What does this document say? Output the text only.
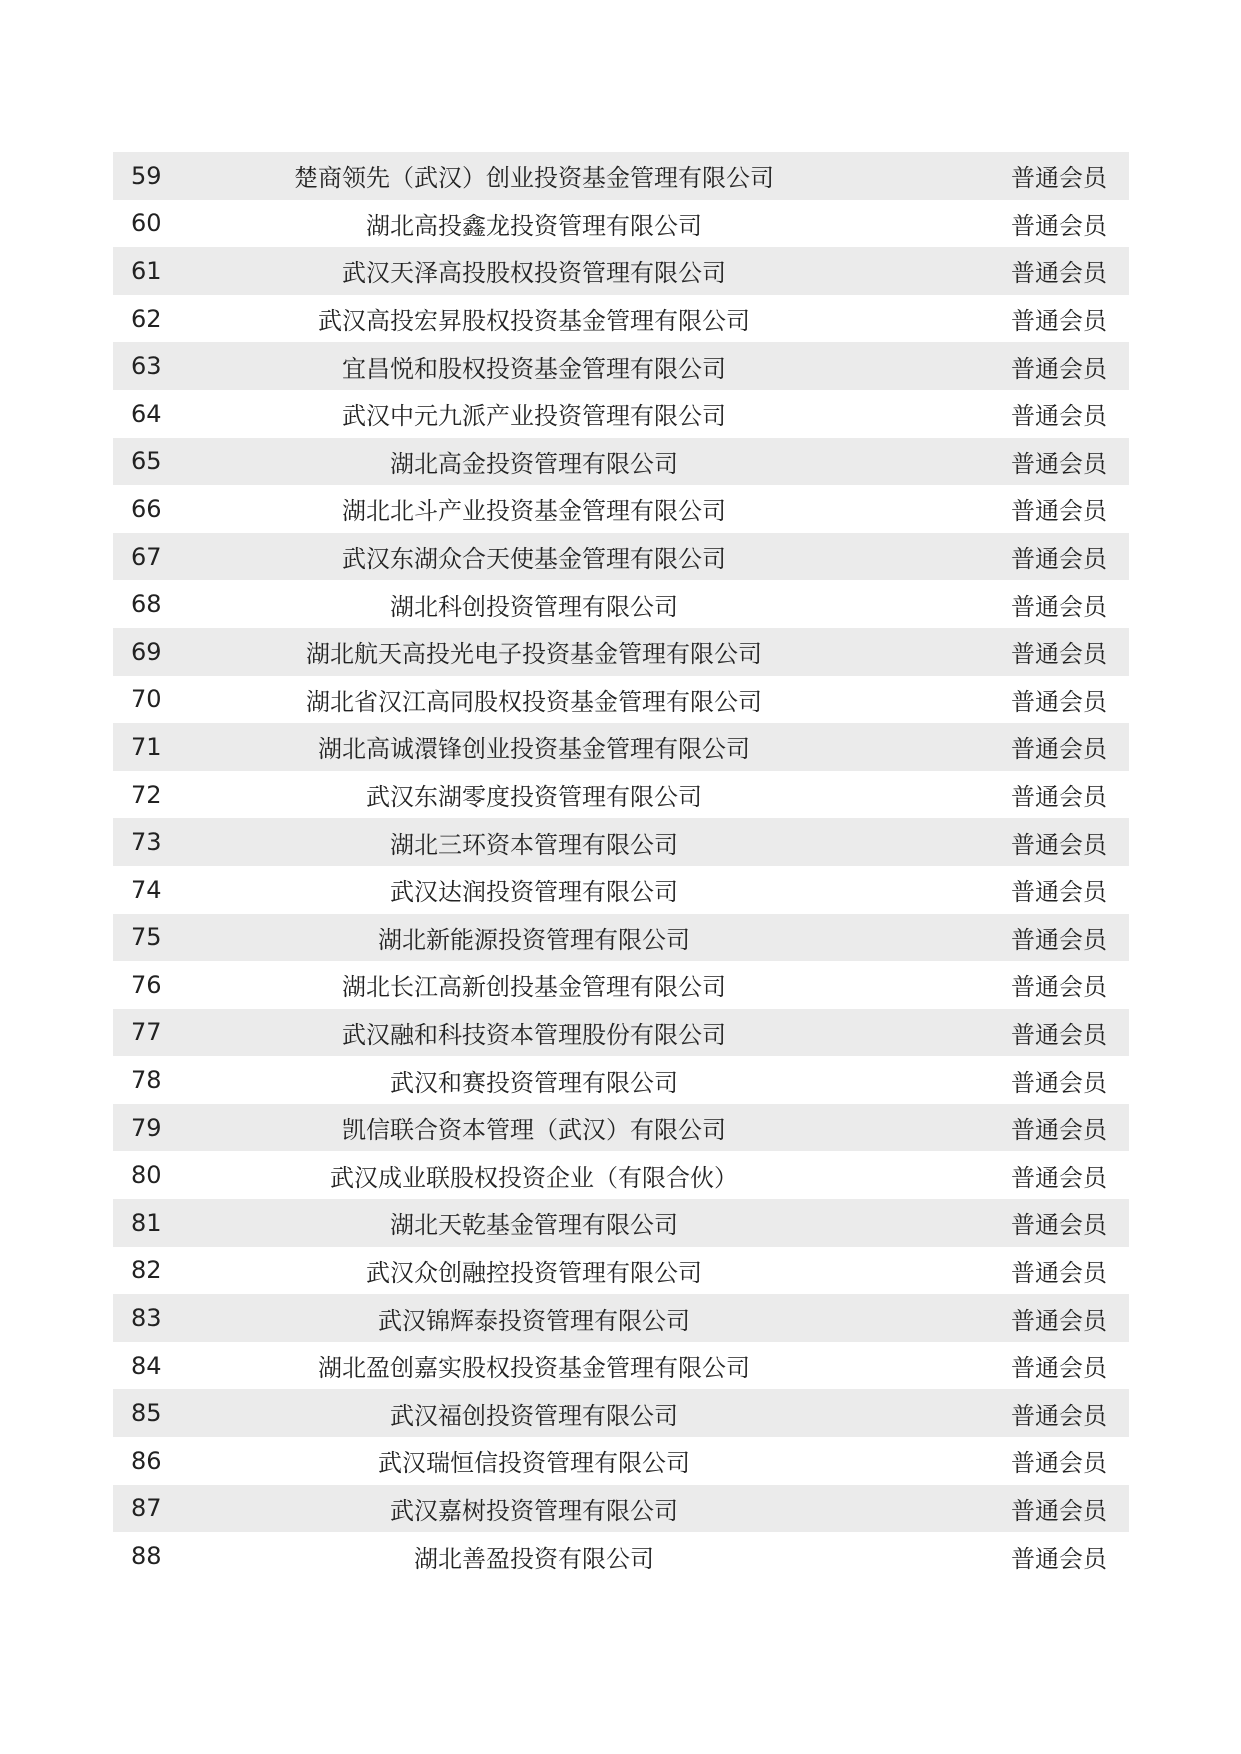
59	楚商领先（武汉）创业投资基金管理有限公司	普通会员
60	湖北高投鑫龙投资管理有限公司	普通会员
61	武汉天泽高投股权投资管理有限公司	普通会员
62	武汉高投宏昇股权投资基金管理有限公司	普通会员
63	宜昌悦和股权投资基金管理有限公司	普通会员
64	武汉中元九派产业投资管理有限公司	普通会员
65	湖北高金投资管理有限公司	普通会员
66	湖北北斗产业投资基金管理有限公司	普通会员
67	武汉东湖众合天使基金管理有限公司	普通会员
68	湖北科创投资管理有限公司	普通会员
69	湖北航天高投光电子投资基金管理有限公司	普通会员
70	湖北省汉江高同股权投资基金管理有限公司	普通会员
71	湖北高诚澴锋创业投资基金管理有限公司	普通会员
72	武汉东湖零度投资管理有限公司	普通会员
73	湖北三环资本管理有限公司	普通会员
74	武汉达润投资管理有限公司	普通会员
75	湖北新能源投资管理有限公司	普通会员
76	湖北长江高新创投基金管理有限公司	普通会员
77	武汉融和科技资本管理股份有限公司	普通会员
78	武汉和赛投资管理有限公司	普通会员
79	凯信联合资本管理（武汉）有限公司	普通会员
80	武汉成业联股权投资企业（有限合伙）	普通会员
81	湖北天乾基金管理有限公司	普通会员
82	武汉众创融控投资管理有限公司	普通会员
83	武汉锦辉泰投资管理有限公司	普通会员
84	湖北盈创嘉实股权投资基金管理有限公司	普通会员
85	武汉福创投资管理有限公司	普通会员
86	武汉瑞恒信投资管理有限公司	普通会员
87	武汉嘉树投资管理有限公司	普通会员
88	湖北善盈投资有限公司	普通会员
